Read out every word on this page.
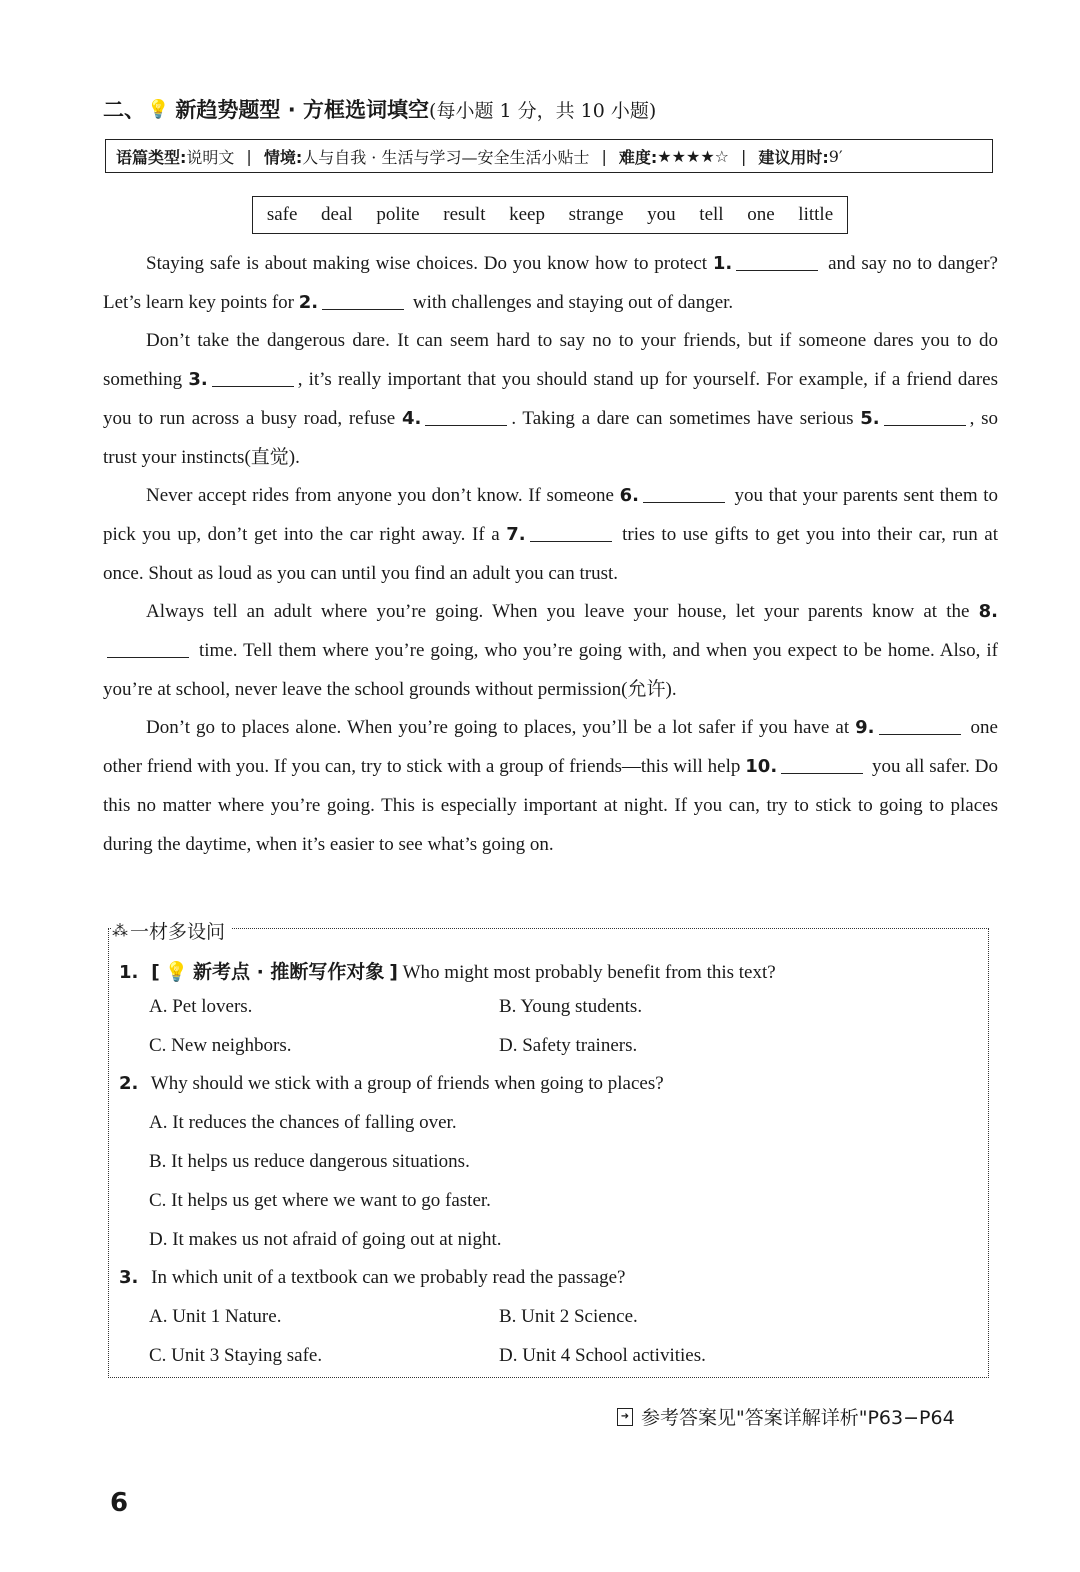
二、 💡 新趋势题型 · 方框选词填空 (每小题 1 分，共 10 小题)
语篇类型: 说明文 | 情境: 人与自我 · 生活与学习—安全生活小贴士 | 难度: ★★★★☆ | 建议用时: 9′
safe deal polite result keep strange you tell one little

Staying safe is about making wise choices. Do you know how to protect 1.	and say no to danger? Let’s learn key points for 2.	with challenges and staying out of danger.

Don’t take the dangerous dare. It can seem hard to say no to your friends, but if someone dares you to do something 3.	, it’s really important that you should stand up for yourself. For example, if a friend dares you to run across a busy road, refuse 4.	. Taking a dare can sometimes have serious 5.	, so trust your instincts(直觉).

Never accept rides from anyone you don’t know. If someone 6.	you that your parents sent them to pick you up, don’t get into the car right away. If a 7.	tries to use gifts to get you into their car, run at once. Shout as loud as you can until you find an adult you can trust.

Always tell an adult where you’re going. When you leave your house, let your parents know at the 8. time. Tell them where you’re going, who you’re going with, and when you expect to be home. Also, if you’re at school, never leave the school grounds without permission(允许).

Don’t go to places alone. When you’re going to places, you’ll be a lot safer if you have at 9.	one other friend with you. If you can, try to stick with a group of friends—this will help 10.	you all safer. Do this no matter where you’re going. This is especially important at night. If you can, try to stick to going to places during the daytime, when it’s easier to see what’s going on.

⁂ 一材多设问
1. [ 💡 新考点 · 推断写作对象 ] Who might most probably benefit from this text?
A. Pet lovers.	B. Young students.
C. New neighbors.	D. Safety trainers.
2. Why should we stick with a group of friends when going to places?
A. It reduces the chances of falling over.
B. It helps us reduce dangerous situations.
C. It helps us get where we want to go faster.
D. It makes us not afraid of going out at night.
3. In which unit of a textbook can we probably read the passage?
A. Unit 1 Nature.	B. Unit 2 Science.
C. Unit 3 Staying safe.	D. Unit 4 School activities.
➜ 参考答案见"答案详解详析"P63−P64
6
